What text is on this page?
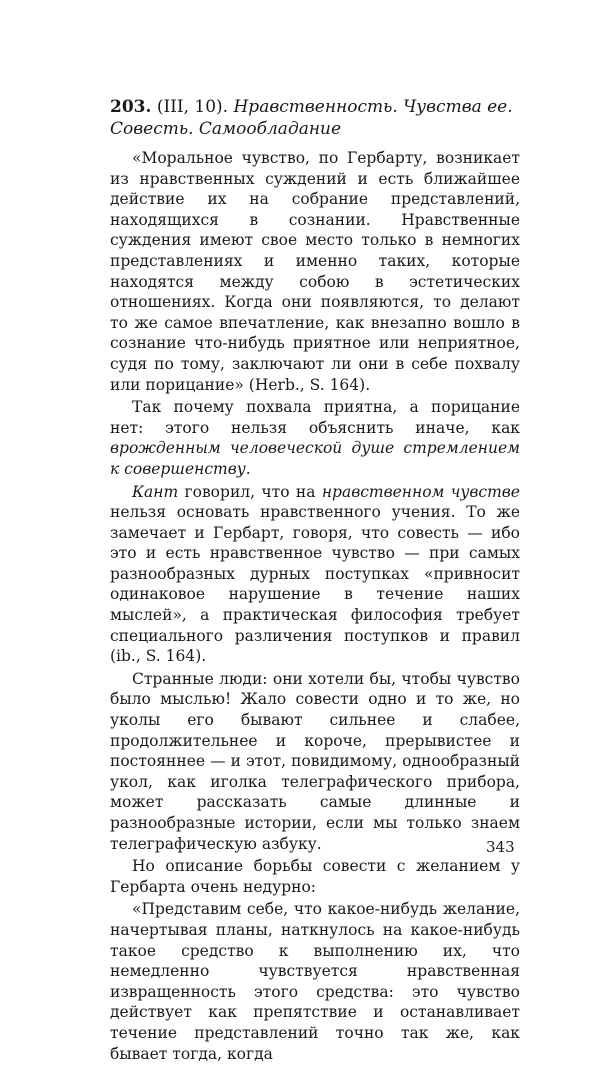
203. (III, 10). Нравственность. Чувства ее. Совесть. Самообладание

«Моральное чувство, по Гербарту, возникает из нравственных суждений и есть ближайшее действие их на собрание представлений, находящихся в сознании. Нравственные суждения имеют свое место только в немногих представлениях и именно таких, которые находятся между собою в эстетических отношениях. Когда они появляются, то делают то же самое впечатление, как внезапно вошло в сознание что-нибудь приятное или неприятное, судя по тому, заключают ли они в себе похвалу или порицание» (Herb., S. 164).

Так почему похвала приятна, а порицание нет: этого нельзя объяснить иначе, как врожденным человеческой душе стремлением к совершенству.

Кант говорил, что на нравственном чувстве нельзя основать нравственного учения. То же замечает и Гербарт, говоря, что совесть — ибо это и есть нравственное чувство — при самых разнообразных дурных поступках «привносит одинаковое нарушение в течение наших мыслей», а практическая философия требует специального различения поступков и правил (ib., S. 164).

Странные люди: они хотели бы, чтобы чувство было мыслью! Жало совести одно и то же, но уколы его бывают сильнее и слабее, продолжительнее и короче, прерывистее и постояннее — и этот, повидимому, однообразный укол, как иголка телеграфического прибора, может рассказать самые длинные и разнообразные истории, если мы только знаем телеграфическую азбуку.

Но описание борьбы совести с желанием у Гербарта очень недурно:

«Представим себе, что какое-нибудь желание, начертывая планы, наткнулось на какое-нибудь такое средство к выполнению их, что немедленно чувствуется нравственная извращенность этого средства: это чувство действует как препятствие и останавливает течение представлений точно так же, как бывает тогда, когда

343
